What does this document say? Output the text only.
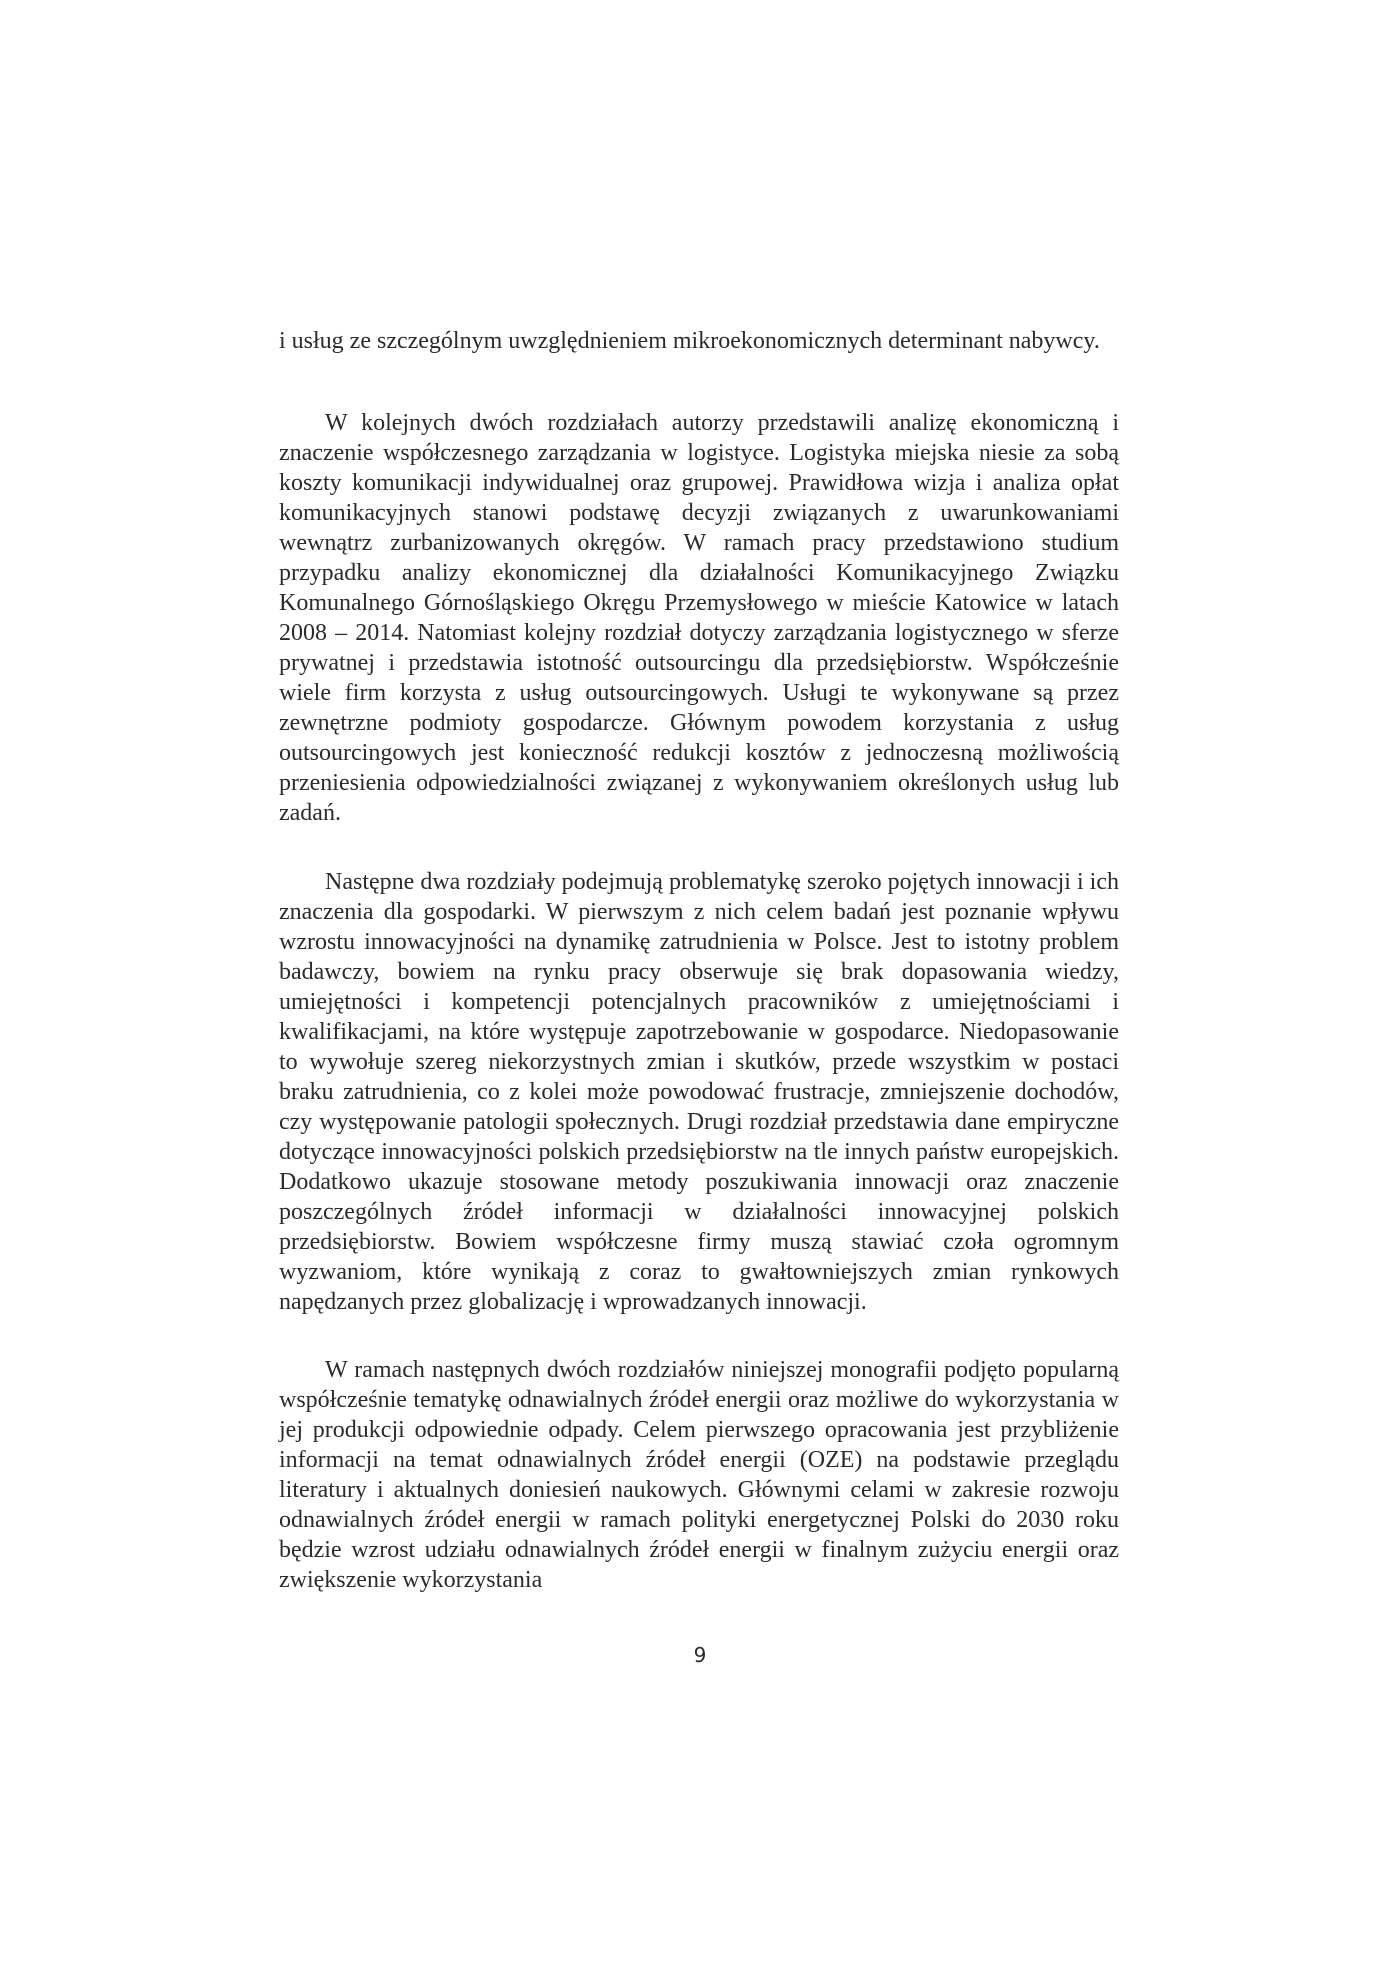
i usług ze szczególnym uwzględnieniem mikroekonomicznych determinant nabywcy.

W kolejnych dwóch rozdziałach autorzy przedstawili analizę ekonomiczną i znaczenie współczesnego zarządzania w logistyce. Logistyka miejska niesie za sobą koszty komunikacji indywidualnej oraz grupowej. Prawidłowa wizja i analiza opłat komunikacyjnych stanowi podstawę decyzji związanych z uwarunkowaniami wewnątrz zurbanizowanych okręgów. W ramach pracy przedstawiono studium przypadku analizy ekonomicznej dla działalności Komunikacyjnego Związku Komunalnego Górnośląskiego Okręgu Przemysłowego w mieście Katowice w latach 2008 – 2014. Natomiast kolejny rozdział dotyczy zarządzania logistycznego w sferze prywatnej i przedstawia istotność outsourcingu dla przedsiębiorstw. Współcześnie wiele firm korzysta z usług outsourcingowych. Usługi te wykonywane są przez zewnętrzne podmioty gospodarcze. Głównym powodem korzystania z usług outsourcingowych jest konieczność redukcji kosztów z jednoczesną możliwością przeniesienia odpowiedzialności związanej z wykonywaniem określonych usług lub zadań.

Następne dwa rozdziały podejmują problematykę szeroko pojętych innowacji i ich znaczenia dla gospodarki. W pierwszym z nich celem badań jest poznanie wpływu wzrostu innowacyjności na dynamikę zatrudnienia w Polsce. Jest to istotny problem badawczy, bowiem na rynku pracy obserwuje się brak dopasowania wiedzy, umiejętności i kompetencji potencjalnych pracowników z umiejętnościami i kwalifikacjami, na które występuje zapotrzebowanie w gospodarce. Niedopasowanie to wywołuje szereg niekorzystnych zmian i skutków, przede wszystkim w postaci braku zatrudnienia, co z kolei może powodować frustracje, zmniejszenie dochodów, czy występowanie patologii społecznych. Drugi rozdział przedstawia dane empiryczne dotyczące innowacyjności polskich przedsiębiorstw na tle innych państw europejskich. Dodatkowo ukazuje stosowane metody poszukiwania innowacji oraz znaczenie poszczególnych źródeł informacji w działalności innowacyjnej polskich przedsiębiorstw. Bowiem współczesne firmy muszą stawiać czoła ogromnym wyzwaniom, które wynikają z coraz to gwałtowniejszych zmian rynkowych napędzanych przez globalizację i wprowadzanych innowacji.

W ramach następnych dwóch rozdziałów niniejszej monografii podjęto popularną współcześnie tematykę odnawialnych źródeł energii oraz możliwe do wykorzystania w jej produkcji odpowiednie odpady. Celem pierwszego opracowania jest przybliżenie informacji na temat odnawialnych źródeł energii (OZE) na podstawie przeglądu literatury i aktualnych doniesień naukowych. Głównymi celami w zakresie rozwoju odnawialnych źródeł energii w ramach polityki energetycznej Polski do 2030 roku będzie wzrost udziału odnawialnych źródeł energii w finalnym zużyciu energii oraz zwiększenie wykorzystania

9
